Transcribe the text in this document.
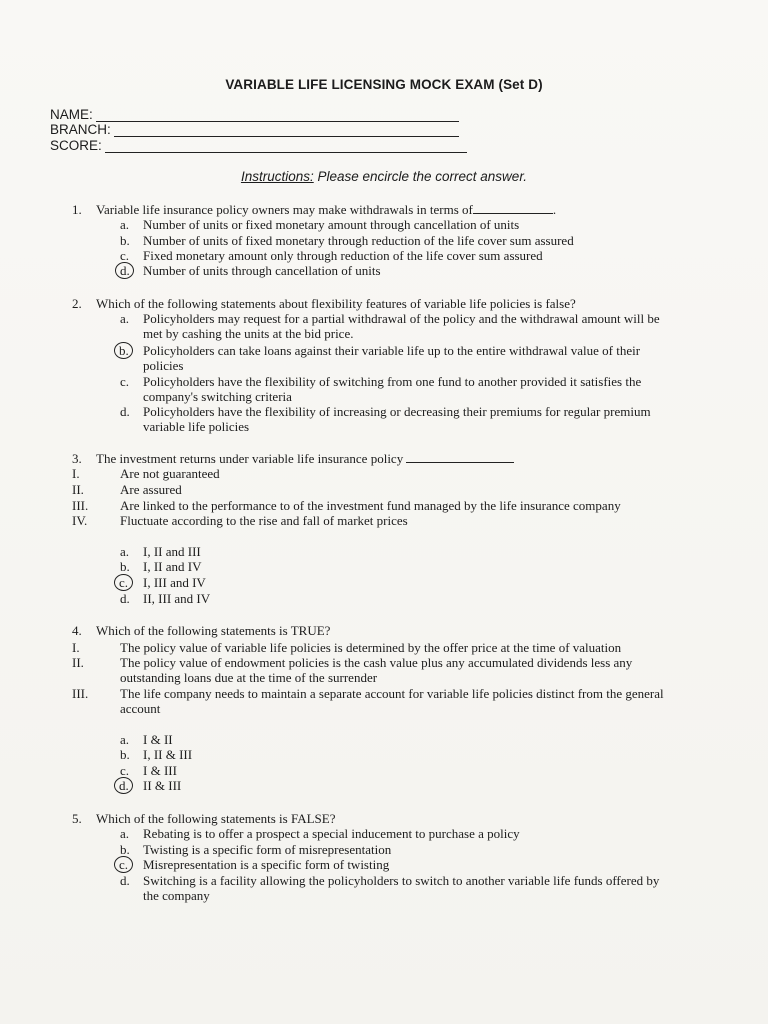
VARIABLE LIFE LICENSING MOCK EXAM (Set D)
NAME:
BRANCH:
SCORE:
Instructions: Please encircle the correct answer.
1. Variable life insurance policy owners may make withdrawals in terms of	.
a. Number of units or fixed monetary amount through cancellation of units
b. Number of units of fixed monetary through reduction of the life cover sum assured
c. Fixed monetary amount only through reduction of the life cover sum assured
d. Number of units through cancellation of units
2. Which of the following statements about flexibility features of variable life policies is false?
a. Policyholders may request for a partial withdrawal of the policy and the withdrawal amount will be
met by cashing the units at the bid price.
b. Policyholders can take loans against their variable life up to the entire withdrawal value of their
policies
c. Policyholders have the flexibility of switching from one fund to another provided it satisfies the
company's switching criteria
d. Policyholders have the flexibility of increasing or decreasing their premiums for regular premium
variable life policies
3. The investment returns under variable life insurance policy
I.	Are not guaranteed
II.	Are assured
III. Are linked to the performance to of the investment fund managed by the life insurance company
IV.	Fluctuate according to the rise and fall of market prices
a. I, II and III
b. I, II and IV
c. I, III and IV
d. II, III and IV
4. Which of the following statements is TRUE?
I.	The policy value of variable life policies is determined by the offer price at the time of valuation
II.	The policy value of endowment policies is the cash value plus any accumulated dividends less any
outstanding loans due at the time of the surrender
III. The life company needs to maintain a separate account for variable life policies distinct from the general
account
a. I & II
b. I, II & III
c. I & III
d. II & III
5. Which of the following statements is FALSE?
a. Rebating is to offer a prospect a special inducement to purchase a policy
b. Twisting is a specific form of misrepresentation
c. Misrepresentation is a specific form of twisting
d. Switching is a facility allowing the policyholders to switch to another variable life funds offered by
the company
